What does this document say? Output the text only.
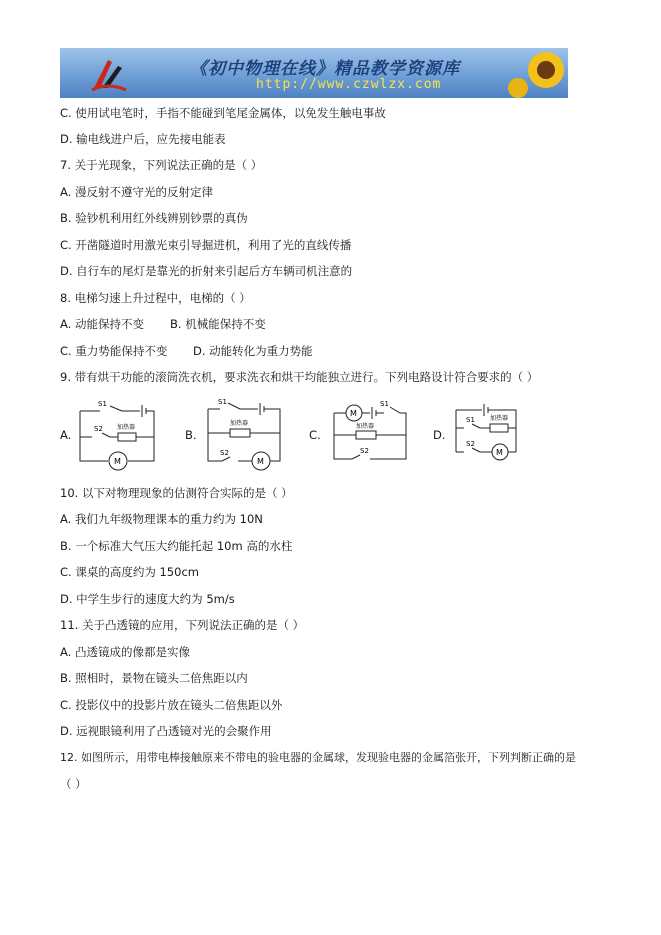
《初中物理在线》精品教学资源库
http://www.czwlzx.com
C. 使用试电笔时，手指不能碰到笔尾金属体，以免发生触电事故
D. 输电线进户后，应先接电能表
7. 关于光现象，下列说法正确的是（ ）
A. 漫反射不遵守光的反射定律
B. 验钞机利用红外线辨别钞票的真伪
C. 开凿隧道时用激光束引导掘进机，利用了光的直线传播
D. 自行车的尾灯是靠光的折射来引起后方车辆司机注意的
8. 电梯匀速上升过程中，电梯的（ ）
A. 动能保持不变 B. 机械能保持不变
C. 重力势能保持不变 D. 动能转化为重力势能
9. 带有烘干功能的滚筒洗衣机，要求洗衣和烘干均能独立进行。下列电路设计符合要求的（ ）
A.
S1
S2 加热器
M
B.
S1
加热器
S2
M
C.
M
S1
加热器
S2
D.
S1	加热器
S2
M
10. 以下对物理现象的估测符合实际的是（ ）
A. 我们九年级物理课本的重力约为 10N
B. 一个标准大气压大约能托起 10m 高的水柱
C. 课桌的高度约为 150cm
D. 中学生步行的速度大约为 5m/s
11. 关于凸透镜的应用，下列说法正确的是（ ）
A. 凸透镜成的像都是实像
B. 照相时，景物在镜头二倍焦距以内
C. 投影仪中的投影片放在镜头二倍焦距以外
D. 远视眼镜利用了凸透镜对光的会聚作用
12. 如图所示，用带电棒接触原来不带电的验电器的金属球，发现验电器的金属箔张开，下列判断正确的是
（ ）
